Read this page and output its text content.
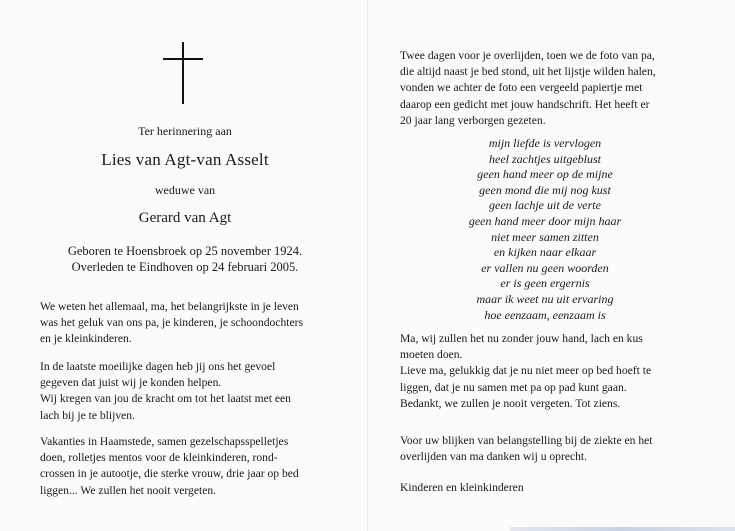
Ter herinnering aan
Lies van Agt-van Asselt
weduwe van
Gerard van Agt
Geboren te Hoensbroek op 25 november 1924.
Overleden te Eindhoven op 24 februari 2005.

We weten het allemaal, ma, het belangrijkste in je leven
was het geluk van ons pa, je kinderen, je schoondochters
en je kleinkinderen.

In de laatste moeilijke dagen heb jij ons het gevoel
gegeven dat juist wij je konden helpen.
Wij kregen van jou de kracht om tot het laatst met een
lach bij je te blijven.

Vakanties in Haamstede, samen gezelschapsspelletjes
doen, rolletjes mentos voor de kleinkinderen, rond-
crossen in je autootje, die sterke vrouw, drie jaar op bed
liggen... We zullen het nooit vergeten.

Twee dagen voor je overlijden, toen we de foto van pa,
die altijd naast je bed stond, uit het lijstje wilden halen,
vonden we achter de foto een vergeeld papiertje met
daarop een gedicht met jouw handschrift. Het heeft er
20 jaar lang verborgen gezeten.

mijn liefde is vervlogen
heel zachtjes uitgeblust
geen hand meer op de mijne
geen mond die mij nog kust
geen lachje uit de verte
geen hand meer door mijn haar
niet meer samen zitten
en kijken naar elkaar
er vallen nu geen woorden
er is geen ergernis
maar ik weet nu uit ervaring
hoe eenzaam, eenzaam is

Ma, wij zullen het nu zonder jouw hand, lach en kus
moeten doen.
Lieve ma, gelukkig dat je nu niet meer op bed hoeft te
liggen, dat je nu samen met pa op pad kunt gaan.
Bedankt, we zullen je nooit vergeten. Tot ziens.

Voor uw blijken van belangstelling bij de ziekte en het
overlijden van ma danken wij u oprecht.

Kinderen en kleinkinderen
